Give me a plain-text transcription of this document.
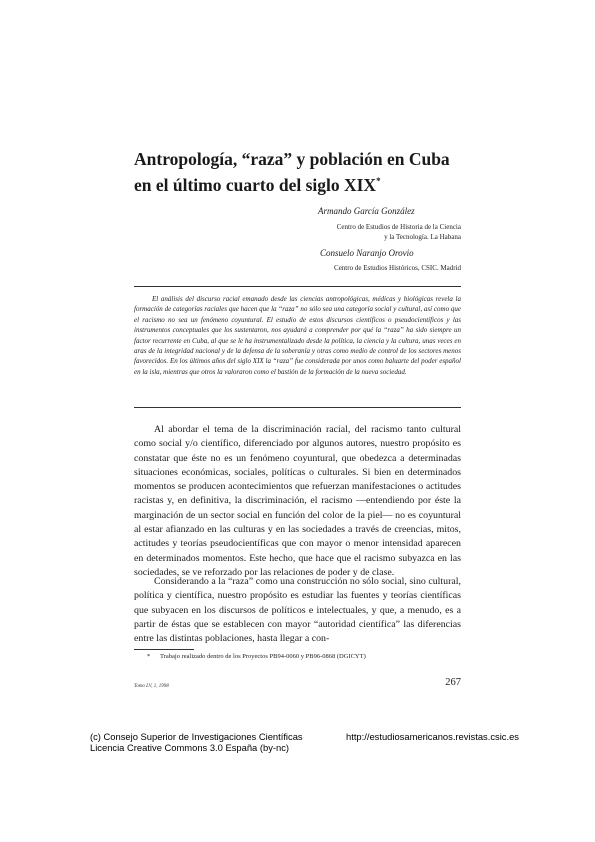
Antropología, “raza” y población en Cuba
en el último cuarto del siglo XIX*
Armando García González
Centro de Estudios de Historia de la Ciencia
y la Tecnología. La Habana
Consuelo Naranjo Orovio
Centro de Estudios Históricos, CSIC. Madrid

El análisis del discurso racial emanado desde las ciencias antropológicas, médicas y biológicas revela la formación de categorías raciales que hacen que la “raza” no sólo sea una categoría social y cultural, así como que el racismo no sea un fenómeno coyuntural. El estudio de estos discursos científicos o pseudocientíficos y las instrumentos conceptuales que los sustentaron, nos ayudará a comprender por qué la “raza” ha sido siempre un factor recurrente en Cuba, al que se le ha instrumentalizado desde la política, la ciencia y la cultura, unas veces en aras de la integridad nacional y de la defensa de la soberanía y otras como medio de control de los sectores menos favorecidos. En los últimos años del siglo XIX la “raza” fue considerada por unos como baluarte del poder español en la isla, mientras que otros la valoraron como el bastión de la formación de la nueva sociedad.

Al abordar el tema de la discriminación racial, del racismo tanto cultural como social y/o científico, diferenciado por algunos autores, nuestro propósito es constatar que éste no es un fenómeno coyuntural, que obedezca a determinadas situaciones económicas, sociales, políticas o culturales. Si bien en determinados momentos se producen acontecimientos que refuerzan manifestaciones o actitudes racistas y, en definitiva, la discriminación, el racismo —entendiendo por éste la marginación de un sector social en función del color de la piel— no es coyuntural al estar afianzado en las culturas y en las sociedades a través de creencias, mitos, actitudes y teorías pseudocientíficas que con mayor o menor intensidad aparecen en determinados momentos. Este hecho, que hace que el racismo subyazca en las sociedades, se ve reforzado por las relaciones de poder y de clase.

Considerando a la “raza” como una construcción no sólo social, sino cultural, política y científica, nuestro propósito es estudiar las fuentes y teorías científicas que subyacen en los discursos de políticos e intelectuales, y que, a menudo, es a partir de éstas que se establecen con mayor “autoridad científica” las diferencias entre las distintas poblaciones, hasta llegar a con-

* Trabajo realizado dentro de los Proyectos PB94-0060 y PB96-0868 (DGICYT)
Tomo LV, 1, 1998	267
(c) Consejo Superior de Investigaciones Científicas
Licencia Creative Commons 3.0 España (by-nc)
http://estudiosamericanos.revistas.csic.es
